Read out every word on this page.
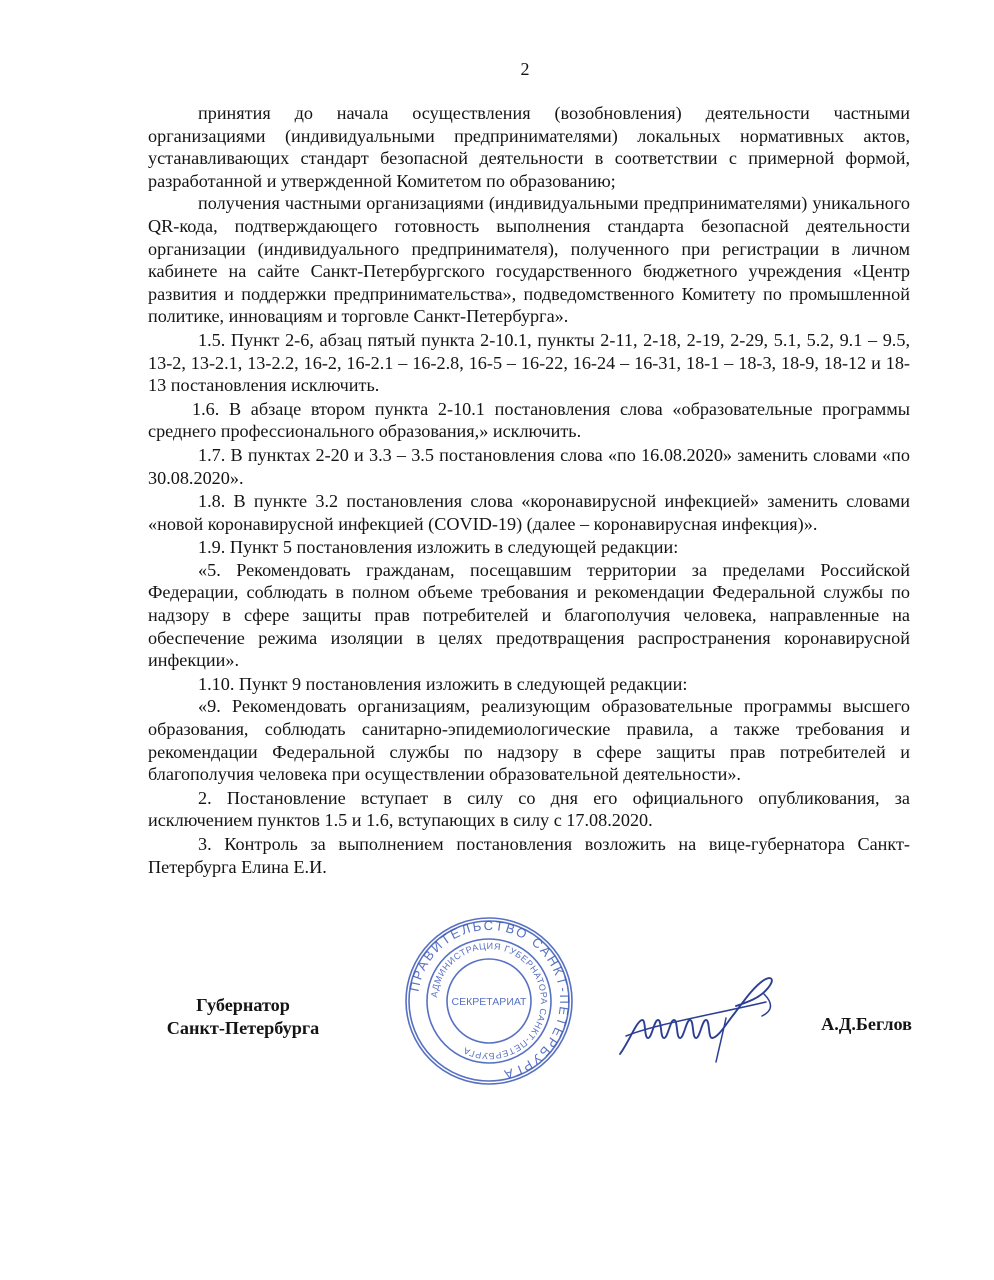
2

принятия до начала осуществления (возобновления) деятельности частными организациями (индивидуальными предпринимателями) локальных нормативных актов, устанавливающих стандарт безопасной деятельности в соответствии с примерной формой, разработанной и утвержденной Комитетом по образованию;

получения частными организациями (индивидуальными предпринимателями) уникального QR-кода, подтверждающего готовность выполнения стандарта безопасной деятельности организации (индивидуального предпринимателя), полученного при регистрации в личном кабинете на сайте Санкт-Петербургского государственного бюджетного учреждения «Центр развития и поддержки предпринимательства», подведомственного Комитету по промышленной политике, инновациям и торговле Санкт-Петербурга».

1.5. Пункт 2-6, абзац пятый пункта 2-10.1, пункты 2-11, 2-18, 2-19, 2-29, 5.1, 5.2, 9.1 – 9.5, 13-2, 13-2.1, 13-2.2, 16-2, 16-2.1 – 16-2.8, 16-5 – 16-22, 16-24 – 16-31, 18-1 – 18-3, 18-9, 18-12 и 18-13 постановления исключить.

1.6. В абзаце втором пункта 2-10.1 постановления слова «образовательные программы среднего профессионального образования,» исключить.

1.7. В пунктах 2-20 и 3.3 – 3.5 постановления слова «по 16.08.2020» заменить словами «по 30.08.2020».

1.8. В пункте 3.2 постановления слова «коронавирусной инфекцией» заменить словами «новой коронавирусной инфекцией (COVID-19) (далее – коронавирусная инфекция)».

1.9. Пункт 5 постановления изложить в следующей редакции:

«5. Рекомендовать гражданам, посещавшим территории за пределами Российской Федерации, соблюдать в полном объеме требования и рекомендации Федеральной службы по надзору в сфере защиты прав потребителей и благополучия человека, направленные на обеспечение режима изоляции в целях предотвращения распространения коронавирусной инфекции».

1.10. Пункт 9 постановления изложить в следующей редакции:

«9. Рекомендовать организациям, реализующим образовательные программы высшего образования, соблюдать санитарно-эпидемиологические правила, а также требования и рекомендации Федеральной службы по надзору в сфере защиты прав потребителей и благополучия человека при осуществлении образовательной деятельности».

2. Постановление вступает в силу со дня его официального опубликования, за исключением пунктов 1.5 и 1.6, вступающих в силу с 17.08.2020.

3. Контроль за выполнением постановления возложить на вице-губернатора Санкт-Петербурга Елина Е.И.

ПРАВИТЕЛЬСТВО САНКТ-ПЕТЕРБУРГА
АДМИНИСТРАЦИЯ ГУБЕРНАТОРА САНКТ-ПЕТЕРБУРГА
СЕКРЕТАРИАТ
Губернатор
Санкт-Петербурга	А.Д.Беглов
